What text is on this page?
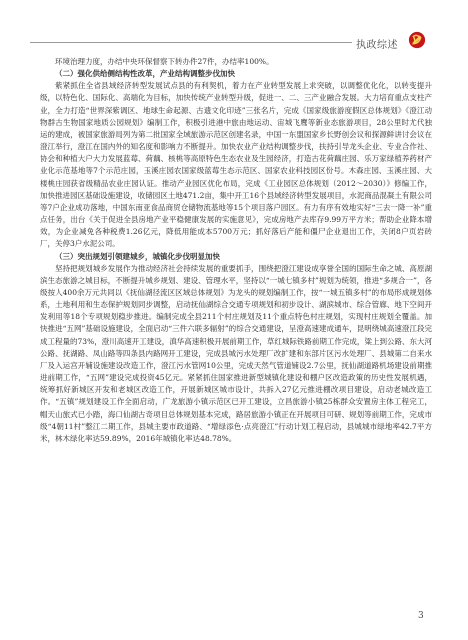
执政综述

环境治理力度，办结中央环保督察下转办件27件，办结率100%。

（二）强化供给侧结构性改革，产业结构调整步伐加快

紫紧抓住全省县域经济转型发展试点县的有利契机，着力在产业转型发展上求突破，以调整优化化，以转变提升级，以特色化、国际化、高端化为目标，加快传统产业转型升级，促进一、二、三产业融合发展。大力培育重点支柱产业，全力打造“世界深紫调区、地球生命起源、古遗文化印迹”三张名片，完成《国家级旅游度假区总体规划》《澄江动物群古生物国家地质公园规划》编制工作，积极引进港中旅由地运动、宙城飞鹰等新业态旅游项目，28公里时尤代独运的建成，被国家旅游局列为第二批国家全域旅游示范区创建名录，中国一东盟国家乡长野创会议和探源鲜讲讨会议在澄江举行，澄江在国内外的知名度和影响力不断提升。加快农业产业结构调整步伐，扶持引导龙头企业、专业合作社、协会和种植大户大力发展蓝莓、荷藕、核桃等高原特色生态农业及生园经济，打造古花荷藕庄园、乐万家绿植养药材产业化示范基地等7个示范庄园，玉溪庄园农国家级蓝莓生态示范区、国家农业科技园区份号。木森庄园、玉溪庄园、大楼桃庄园获省级精品农业庄园认证。推动产业园区优化布局，完成《工业园区总体规划（2012～2030）》修编工作，加快推进园区基础设施建设，收储园区土地471.2亩，集中开工16个县域经济转型发展项目，水泥商品混凝土有限公司等7户企业成功落地，中国东南亚食品商贸仓储物流基地等15个项目落户园区。有力有序有效地实好“三去一降一补”重点任务，出台《关于促进全县房地产业平稳健康发展的实施意见》，完成房地产去库存9.99万平方米；帮助企业降本增效，为企业减免各种税费1.26亿元，降低用能成本5700万元；抓好落后产能和僵尸企业退出工作，关闭8户页岩砖厂，关停3户水泥公司。

（三）突出规划引领建城乡，城镇化步伐明显加快

坚持把规划城乡发展作为推动经济社会持续发展的重要抓手，围绕把澄江建设成享誉全国的国际生命之城、高原湖滨生态旅游之城目标，不断提升城乡规划、建设、管理水平，坚持以“一城七镇多村”规划为统领，推进“多规合一”，各级按人400余万元共同以《抚仙湖径流区区域总体规划》为龙头的规划编制工作，按“一城五镇多村”的布局形成规划体系，土地利用和生态保护规划同步调整，启动抚仙湖综合交通专项规划和初步设计、湖滨城市、综合管廊、地下空间开发利用等18个专项规划稳步推进。编制完成全县211个村庄规划及11个重点特色村庄规划，实现村庄规划全覆盖。加快推进“五网”基础设施建设，全面启动“三件六联多辐射”的综合交通建设，呈澄高速建成通车，昆明绕城高速澄江段完成工程量的73%，澄川高速开工建设，滇华高速积极开展前期工作，草红城际铁路前期工作完成，粱上到公路、东大河公路、抚湖路、凤山路等四条县内路网开工建设，完成县城污水处理厂改扩建和东部片区污水处理厂、县城第二自来水厂及入运宫开辅设施建设改造工作，澄江污水管网10公里，完成天然气管道铺设2.7公里，抚仙湖道路机场建设前期推进前期工作，“五网”建设完成投资45亿元。紧紧抓住国家推进新型城镇化建设和棚户区改造政策的历史性发展机遇，统筹抓好新城区开发和老城区改造工作，开展新城区城市设计，共拆入27亿元推进棚改项目建设，启动老城改造工作。“五镇”规划建设工作全面启动，广龙旅游小镇示范区已开工建设，立昌旅游小镇25栋群众安置房主体工程完工，帽天山旅式已小踏，海口仙湖古奇项目总体规划基本完成，路居旅游小镇正在开展项目可研、规划等前期工作，完成市级“4朝11村”整江二期工作，县城主要市政道路、“增绿添色·点亮澄江”行动计划工程启动，县城城市绿地率42.7平方米，林木绿化率达59.89%，2016年城镇化率达48.78%。

3
